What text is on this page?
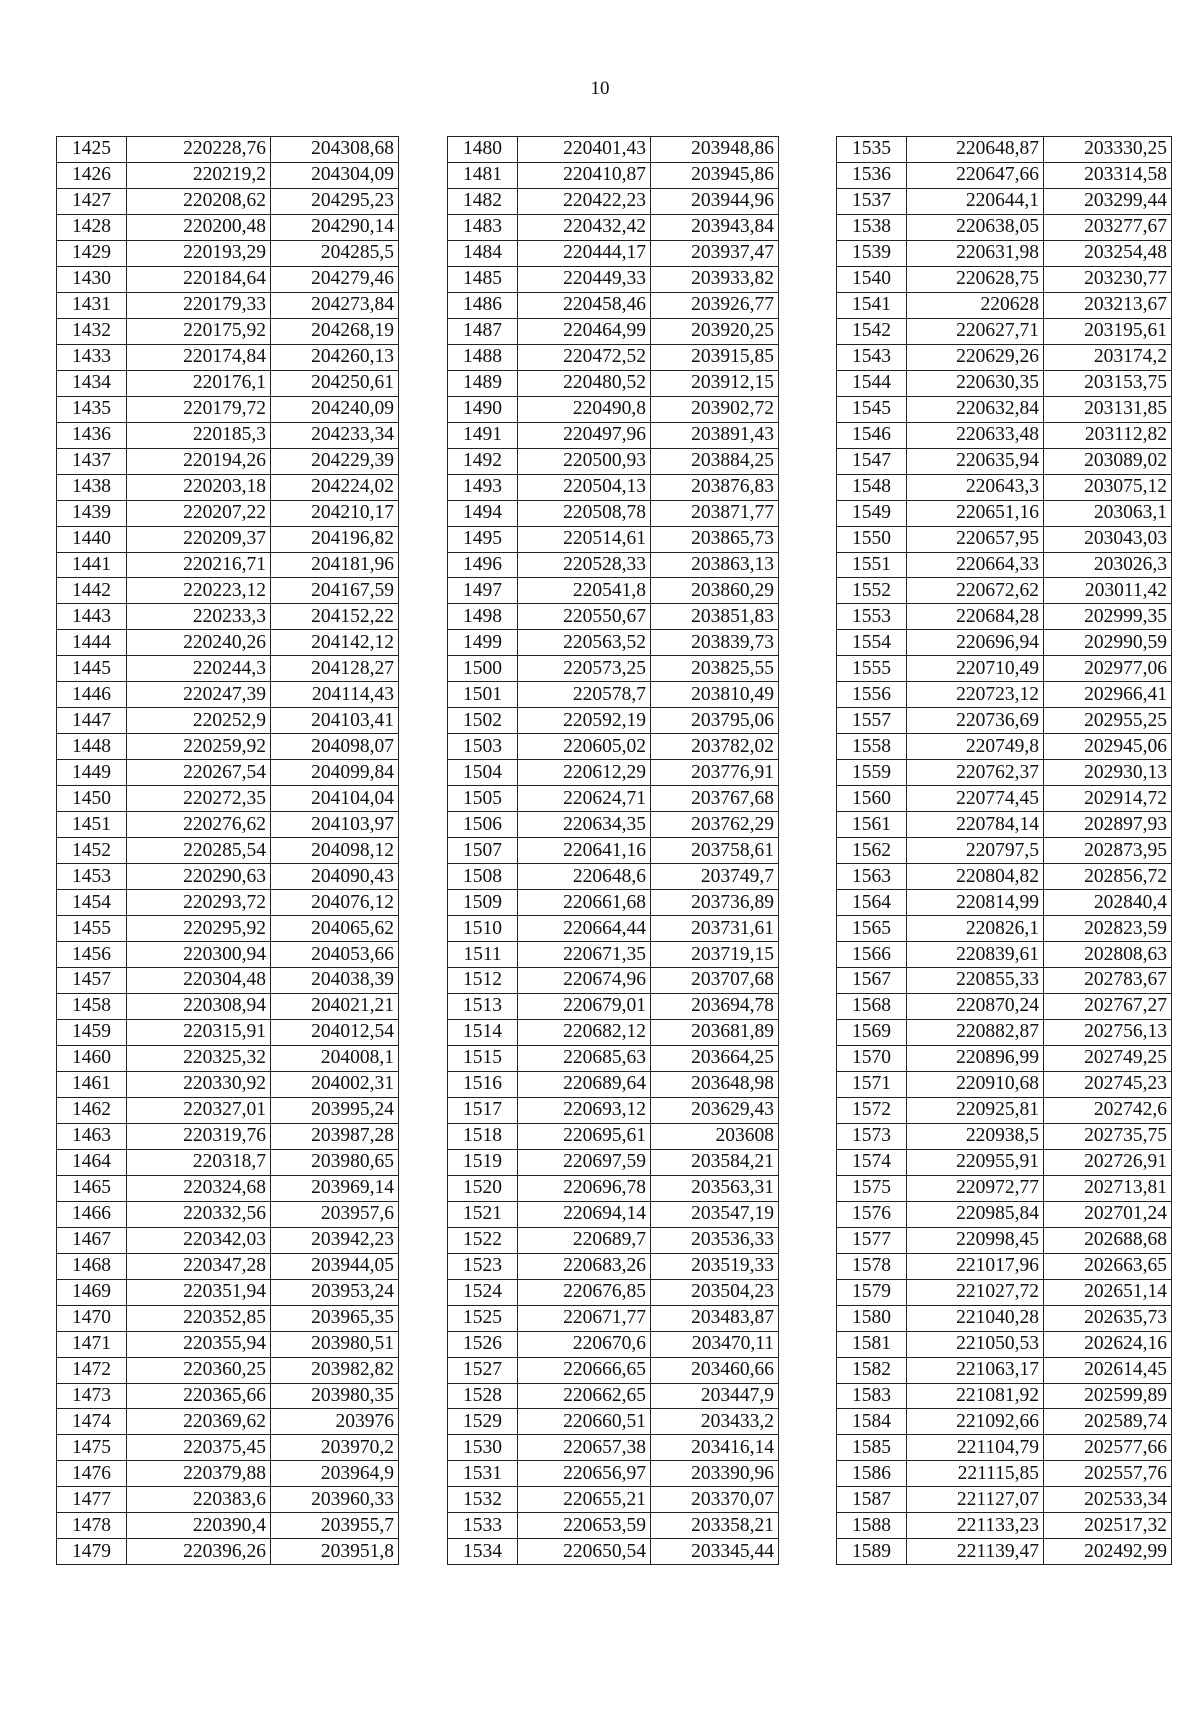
10
1425	220228,76	204308,68
1426	220219,2	204304,09
1427	220208,62	204295,23
1428	220200,48	204290,14
1429	220193,29	204285,5
1430	220184,64	204279,46
1431	220179,33	204273,84
1432	220175,92	204268,19
1433	220174,84	204260,13
1434	220176,1	204250,61
1435	220179,72	204240,09
1436	220185,3	204233,34
1437	220194,26	204229,39
1438	220203,18	204224,02
1439	220207,22	204210,17
1440	220209,37	204196,82
1441	220216,71	204181,96
1442	220223,12	204167,59
1443	220233,3	204152,22
1444	220240,26	204142,12
1445	220244,3	204128,27
1446	220247,39	204114,43
1447	220252,9	204103,41
1448	220259,92	204098,07
1449	220267,54	204099,84
1450	220272,35	204104,04
1451	220276,62	204103,97
1452	220285,54	204098,12
1453	220290,63	204090,43
1454	220293,72	204076,12
1455	220295,92	204065,62
1456	220300,94	204053,66
1457	220304,48	204038,39
1458	220308,94	204021,21
1459	220315,91	204012,54
1460	220325,32	204008,1
1461	220330,92	204002,31
1462	220327,01	203995,24
1463	220319,76	203987,28
1464	220318,7	203980,65
1465	220324,68	203969,14
1466	220332,56	203957,6
1467	220342,03	203942,23
1468	220347,28	203944,05
1469	220351,94	203953,24
1470	220352,85	203965,35
1471	220355,94	203980,51
1472	220360,25	203982,82
1473	220365,66	203980,35
1474	220369,62	203976
1475	220375,45	203970,2
1476	220379,88	203964,9
1477	220383,6	203960,33
1478	220390,4	203955,7
1479	220396,26	203951,8
1480	220401,43	203948,86
1481	220410,87	203945,86
1482	220422,23	203944,96
1483	220432,42	203943,84
1484	220444,17	203937,47
1485	220449,33	203933,82
1486	220458,46	203926,77
1487	220464,99	203920,25
1488	220472,52	203915,85
1489	220480,52	203912,15
1490	220490,8	203902,72
1491	220497,96	203891,43
1492	220500,93	203884,25
1493	220504,13	203876,83
1494	220508,78	203871,77
1495	220514,61	203865,73
1496	220528,33	203863,13
1497	220541,8	203860,29
1498	220550,67	203851,83
1499	220563,52	203839,73
1500	220573,25	203825,55
1501	220578,7	203810,49
1502	220592,19	203795,06
1503	220605,02	203782,02
1504	220612,29	203776,91
1505	220624,71	203767,68
1506	220634,35	203762,29
1507	220641,16	203758,61
1508	220648,6	203749,7
1509	220661,68	203736,89
1510	220664,44	203731,61
1511	220671,35	203719,15
1512	220674,96	203707,68
1513	220679,01	203694,78
1514	220682,12	203681,89
1515	220685,63	203664,25
1516	220689,64	203648,98
1517	220693,12	203629,43
1518	220695,61	203608
1519	220697,59	203584,21
1520	220696,78	203563,31
1521	220694,14	203547,19
1522	220689,7	203536,33
1523	220683,26	203519,33
1524	220676,85	203504,23
1525	220671,77	203483,87
1526	220670,6	203470,11
1527	220666,65	203460,66
1528	220662,65	203447,9
1529	220660,51	203433,2
1530	220657,38	203416,14
1531	220656,97	203390,96
1532	220655,21	203370,07
1533	220653,59	203358,21
1534	220650,54	203345,44
1535	220648,87	203330,25
1536	220647,66	203314,58
1537	220644,1	203299,44
1538	220638,05	203277,67
1539	220631,98	203254,48
1540	220628,75	203230,77
1541	220628	203213,67
1542	220627,71	203195,61
1543	220629,26	203174,2
1544	220630,35	203153,75
1545	220632,84	203131,85
1546	220633,48	203112,82
1547	220635,94	203089,02
1548	220643,3	203075,12
1549	220651,16	203063,1
1550	220657,95	203043,03
1551	220664,33	203026,3
1552	220672,62	203011,42
1553	220684,28	202999,35
1554	220696,94	202990,59
1555	220710,49	202977,06
1556	220723,12	202966,41
1557	220736,69	202955,25
1558	220749,8	202945,06
1559	220762,37	202930,13
1560	220774,45	202914,72
1561	220784,14	202897,93
1562	220797,5	202873,95
1563	220804,82	202856,72
1564	220814,99	202840,4
1565	220826,1	202823,59
1566	220839,61	202808,63
1567	220855,33	202783,67
1568	220870,24	202767,27
1569	220882,87	202756,13
1570	220896,99	202749,25
1571	220910,68	202745,23
1572	220925,81	202742,6
1573	220938,5	202735,75
1574	220955,91	202726,91
1575	220972,77	202713,81
1576	220985,84	202701,24
1577	220998,45	202688,68
1578	221017,96	202663,65
1579	221027,72	202651,14
1580	221040,28	202635,73
1581	221050,53	202624,16
1582	221063,17	202614,45
1583	221081,92	202599,89
1584	221092,66	202589,74
1585	221104,79	202577,66
1586	221115,85	202557,76
1587	221127,07	202533,34
1588	221133,23	202517,32
1589	221139,47	202492,99
